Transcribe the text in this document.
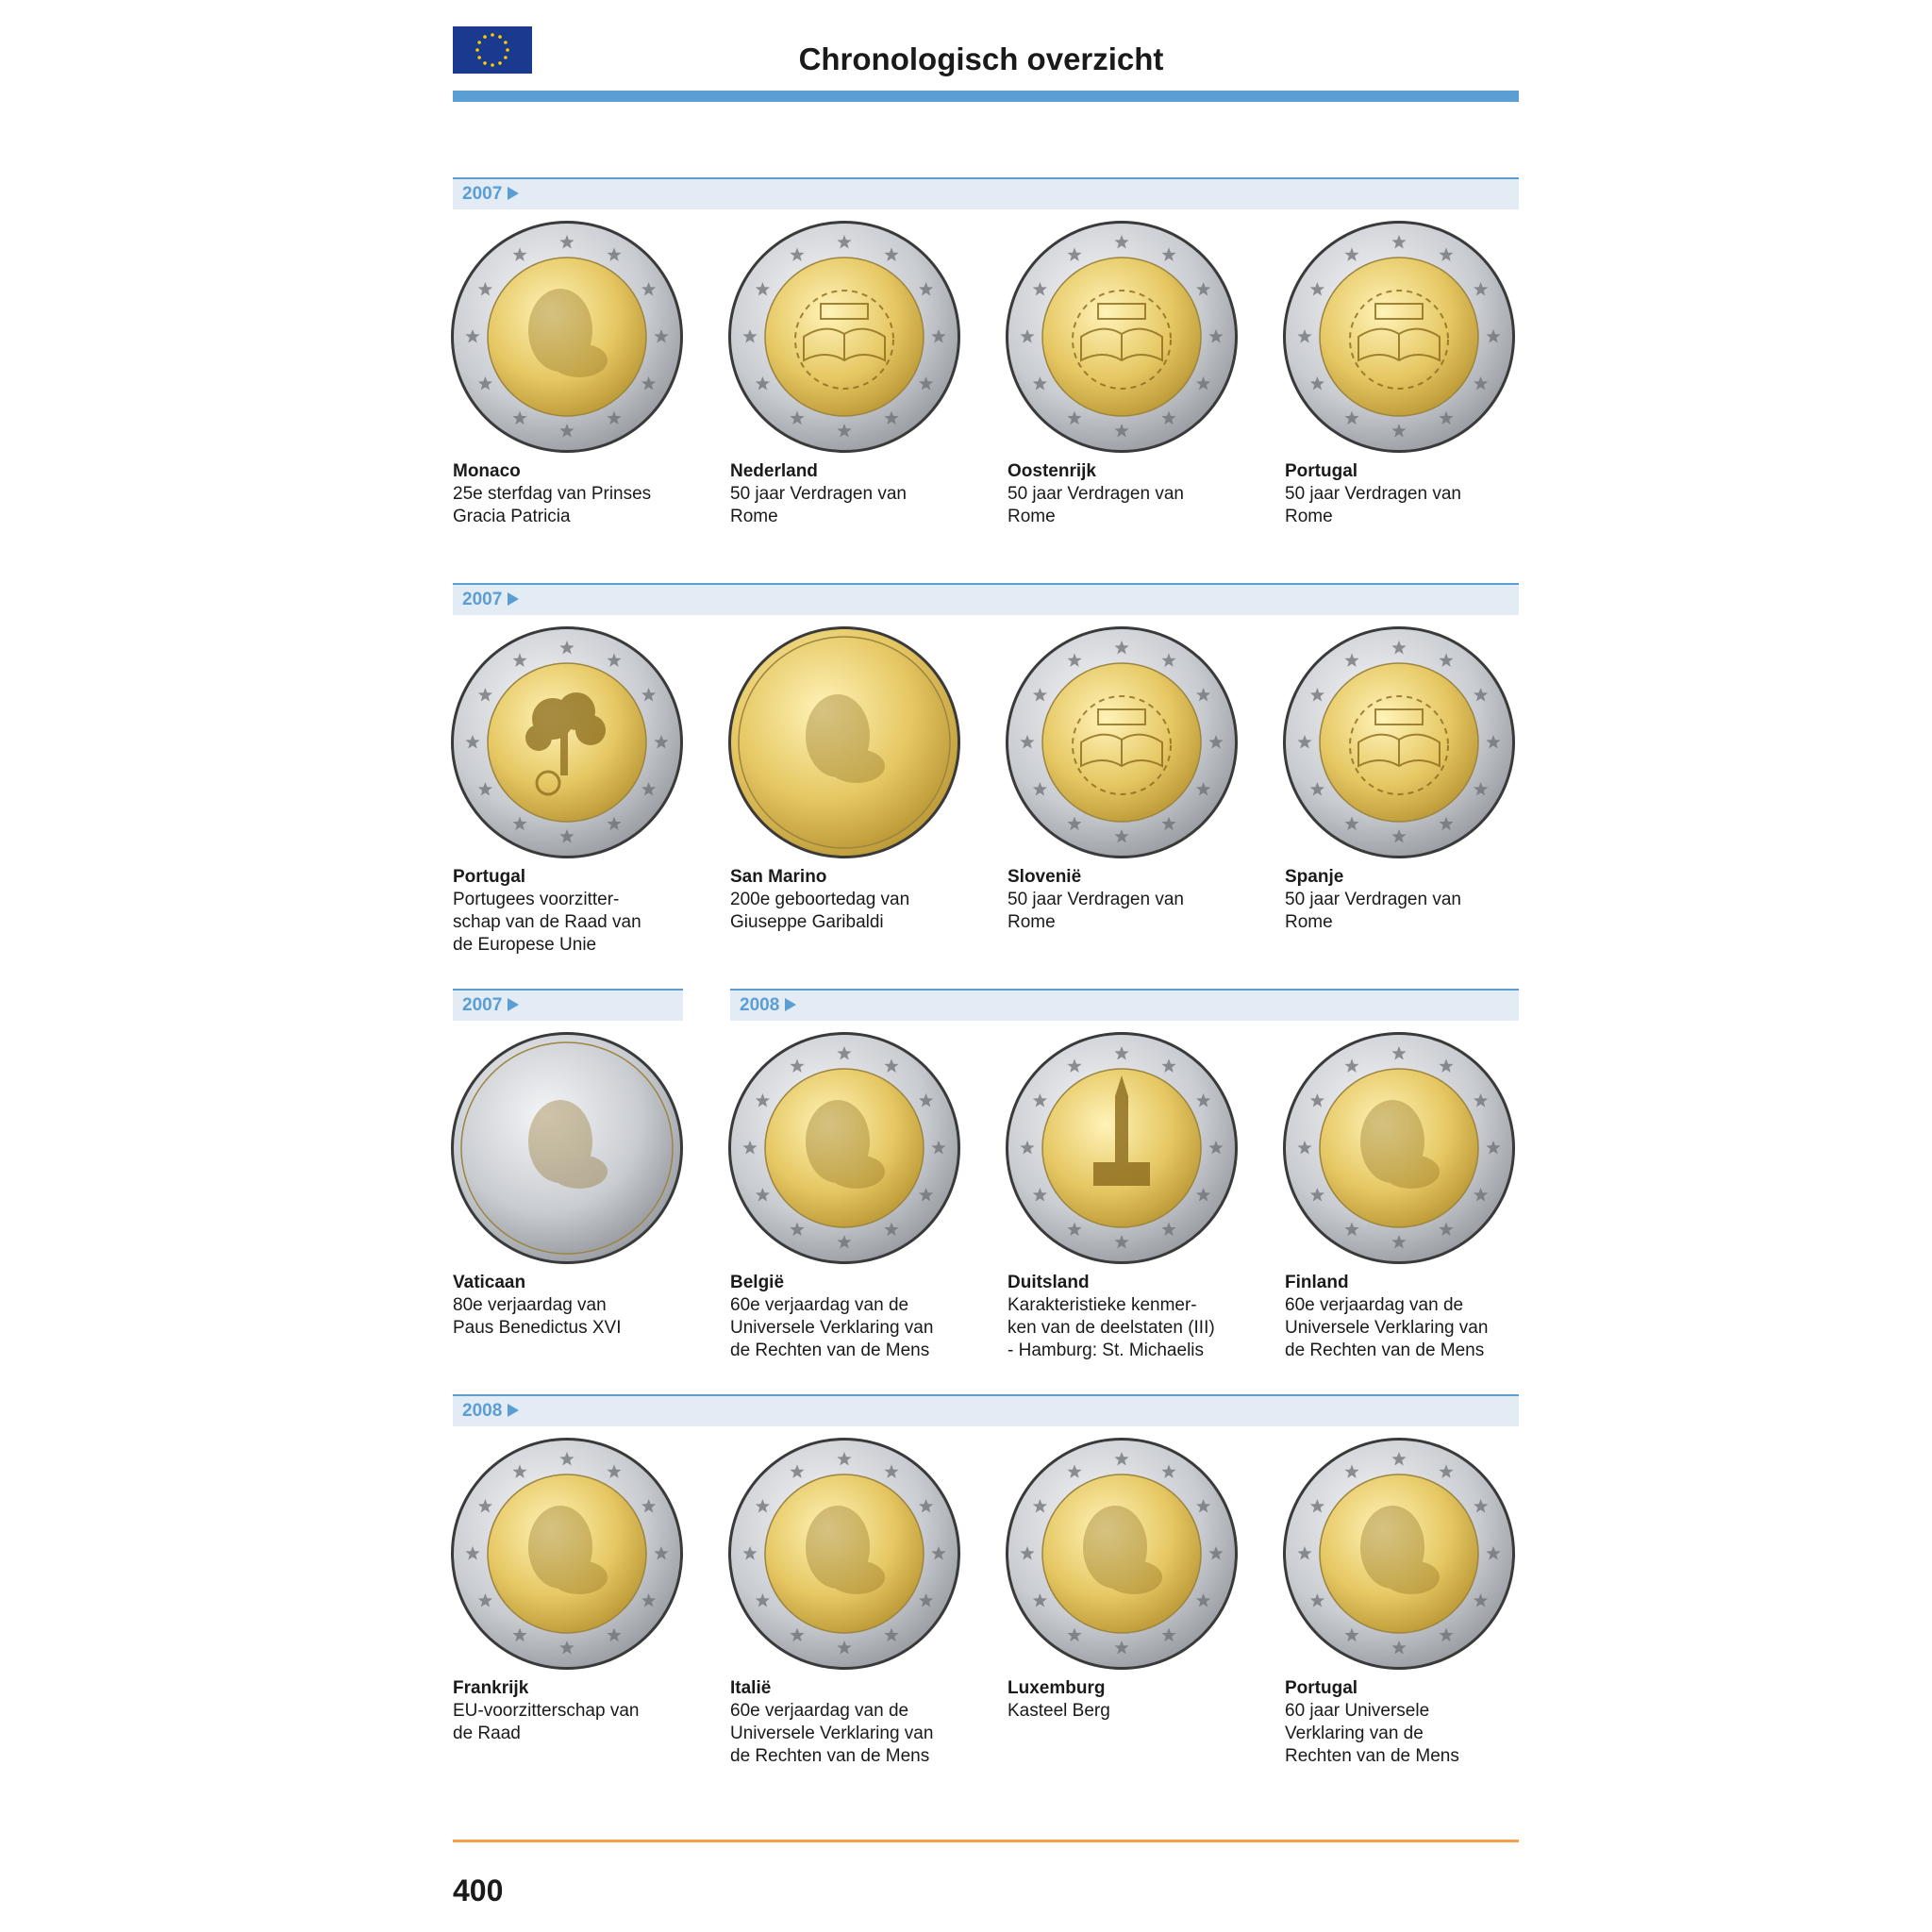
Chronologisch overzicht
2007
2007
2007	2008
2008

Monaco

25e sterfdag van Prinses
Gracia Patricia

Nederland

50 jaar Verdragen van
Rome

Oostenrijk

50 jaar Verdragen van
Rome

Portugal

50 jaar Verdragen van
Rome

Portugal

Portugees voorzitter-
schap van de Raad van
de Europese Unie

San Marino

200e geboortedag van
Giuseppe Garibaldi

Slovenië

50 jaar Verdragen van
Rome

Spanje

50 jaar Verdragen van
Rome

Vaticaan

80e verjaardag van
Paus Benedictus XVI

België

60e verjaardag van de
Universele Verklaring van
de Rechten van de Mens

Duitsland

Karakteristieke kenmer-
ken van de deelstaten (III)
- Hamburg: St. Michaelis

Finland

60e verjaardag van de
Universele Verklaring van
de Rechten van de Mens

Frankrijk

EU-voorzitterschap van
de Raad

Italië

60e verjaardag van de
Universele Verklaring van
de Rechten van de Mens

Luxemburg

Kasteel Berg

Portugal

60 jaar Universele
Verklaring van de
Rechten van de Mens

400
